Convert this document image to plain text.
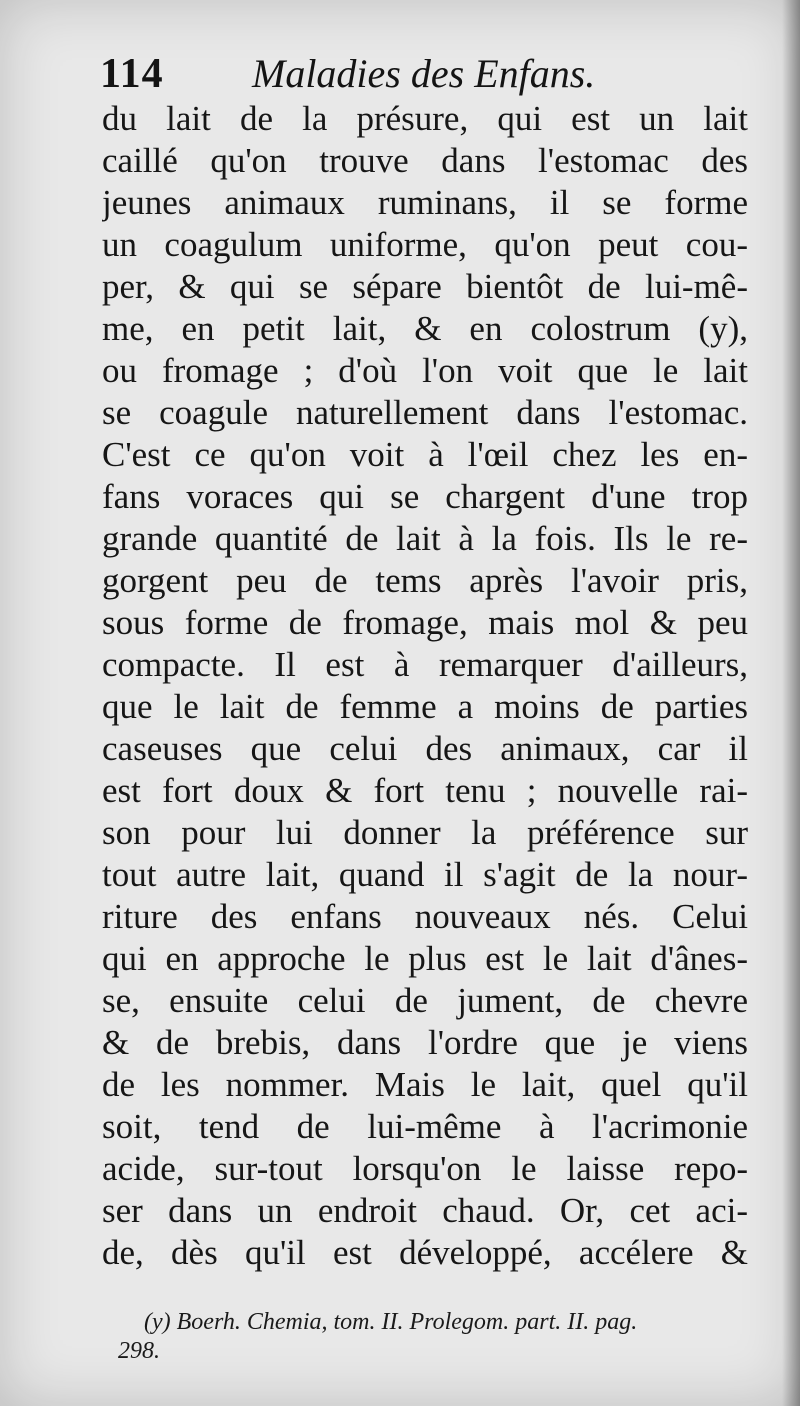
114 Maladies des Enfans.
du lait de la présure, qui est un lait
caillé qu'on trouve dans l'estomac des
jeunes animaux ruminans, il se forme
un coagulum uniforme, qu'on peut cou-
per, & qui se sépare bientôt de lui-mê-
me, en petit lait, & en colostrum (y),
ou fromage ; d'où l'on voit que le lait
se coagule naturellement dans l'estomac.
C'est ce qu'on voit à l'œil chez les en-
fans voraces qui se chargent d'une trop
grande quantité de lait à la fois. Ils le re-
gorgent peu de tems après l'avoir pris,
sous forme de fromage, mais mol & peu
compacte. Il est à remarquer d'ailleurs,
que le lait de femme a moins de parties
caseuses que celui des animaux, car il
est fort doux & fort tenu ; nouvelle rai-
son pour lui donner la préférence sur
tout autre lait, quand il s'agit de la nour-
riture des enfans nouveaux nés. Celui
qui en approche le plus est le lait d'ânes-
se, ensuite celui de jument, de chevre
& de brebis, dans l'ordre que je viens
de les nommer. Mais le lait, quel qu'il
soit, tend de lui-même à l'acrimonie
acide, sur-tout lorsqu'on le laisse repo-
ser dans un endroit chaud. Or, cet aci-
de, dès qu'il est développé, accélere &
(y) Boerh. Chemia, tom. II. Prolegom. part. II. pag.
298.
